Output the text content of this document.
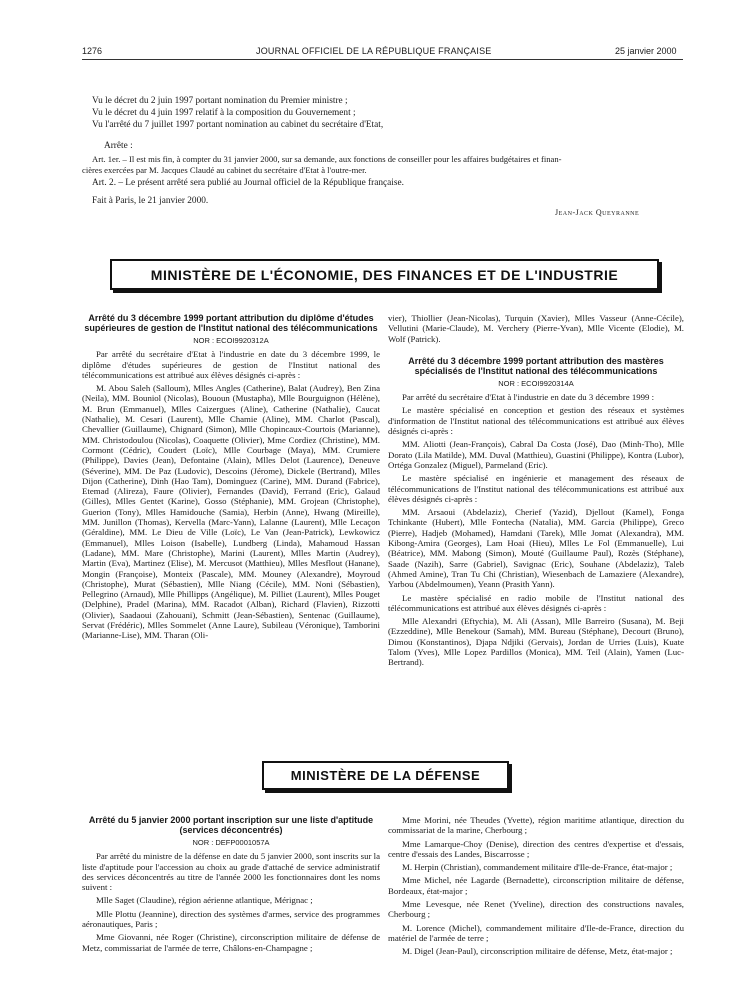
1276	JOURNAL OFFICIEL DE LA RÉPUBLIQUE FRANÇAISE	25 janvier 2000
Vu le décret du 2 juin 1997 portant nomination du Premier ministre ;
Vu le décret du 4 juin 1997 relatif à la composition du Gouvernement ;
Vu l'arrêté du 7 juillet 1997 portant nomination au cabinet du secrétaire d'Etat,
Arrête :
Art. 1er. – Il est mis fin, à compter du 31 janvier 2000, sur sa demande, aux fonctions de conseiller pour les affaires budgétaires et finan-
cières exercées par M. Jacques Claudé au cabinet du secrétaire d'Etat à l'outre-mer.
Art. 2. – Le présent arrêté sera publié au Journal officiel de la République française.
Fait à Paris, le 21 janvier 2000.
Jean-Jack Queyranne
MINISTÈRE DE L'ÉCONOMIE, DES FINANCES ET DE L'INDUSTRIE

Arrêté du 3 décembre 1999 portant attribution du diplôme d'études supérieures de gestion de l'Institut national des télécommunications

NOR : ECOI9920312A

Par arrêté du secrétaire d'Etat à l'industrie en date du 3 décembre 1999, le diplôme d'études supérieures de gestion de l'Institut national des télécommunications est attribué aux élèves désignés ci-après :

M. Abou Saleh (Salloum), Mlles Angles (Catherine), Balat (Audrey), Ben Zina (Neila), MM. Bouniol (Nicolas), Bououn (Mustapha), Mlle Bourguignon (Hélène), M. Brun (Emmanuel), Mlles Caizergues (Aline), Catherine (Nathalie), Caucat (Nathalie), M. Cesari (Laurent), Mlle Chamie (Aline), MM. Charlot (Pascal), Chevallier (Guillaume), Chignard (Simon), Mlle Chopincaux-Courtois (Marianne), MM. Christodoulou (Nicolas), Coaquette (Olivier), Mme Cordiez (Christine), MM. Cormont (Cédric), Coudert (Loïc), Mlle Courbage (Maya), MM. Crumiere (Philippe), Davies (Jean), Defontaine (Alain), Mlles Delot (Laurence), Deneuve (Séverine), MM. De Paz (Ludovic), Descoins (Jérome), Dickele (Bertrand), Mlles Dijon (Catherine), Dinh (Hao Tam), Dominguez (Carine), MM. Durand (Fabrice), Etemad (Alireza), Faure (Olivier), Fernandes (David), Ferrand (Eric), Galaud (Gilles), Mlles Gentet (Karine), Gosso (Stéphanie), MM. Grojean (Christophe), Guerion (Tony), Mlles Hamidouche (Samia), Herbin (Anne), Hwang (Mireille), MM. Junillon (Thomas), Kervella (Marc-Yann), Lalanne (Laurent), Mlle Lecaçon (Géraldine), MM. Le Dieu de Ville (Loïc), Le Van (Jean-Patrick), Lewkowicz (Emmanuel), Mlles Loison (Isabelle), Lundberg (Linda), Mahamoud Hassan (Ladane), MM. Mare (Christophe), Marini (Laurent), Mlles Martin (Audrey), Martin (Eva), Martinez (Elise), M. Mercusot (Matthieu), Mlles Mesflout (Hanane), Mongin (Françoise), Monteix (Pascale), MM. Mouney (Alexandre), Moyroud (Christophe), Murat (Sébastien), Mlle Niang (Cécile), MM. Noni (Sébastien), Pellegrino (Arnaud), Mlle Phillipps (Angélique), M. Pilliet (Laurent), Mlles Pouget (Delphine), Pradel (Marina), MM. Racadot (Alban), Richard (Flavien), Rizzotti (Olivier), Saadaoui (Zahouani), Schmitt (Jean-Sébastien), Sentenac (Guillaume), Servat (Frédéric), Mlles Sommelet (Anne Laure), Subileau (Véronique), Tamborini (Marianne-Lise), MM. Tharan (Oli-

vier), Thiollier (Jean-Nicolas), Turquin (Xavier), Mlles Vasseur (Anne-Cécile), Vellutini (Marie-Claude), M. Verchery (Pierre-Yvan), Mlle Vicente (Elodie), M. Wolf (Patrick).

Arrêté du 3 décembre 1999 portant attribution des mastères spécialisés de l'Institut national des télécommunications

NOR : ECOI9920314A

Par arrêté du secrétaire d'Etat à l'industrie en date du 3 décembre 1999 :

Le mastère spécialisé en conception et gestion des réseaux et systèmes d'information de l'Institut national des télécommunications est attribué aux élèves désignés ci-après :

MM. Aliotti (Jean-François), Cabral Da Costa (José), Dao (Minh-Tho), Mlle Dorato (Lila Matilde), MM. Duval (Matthieu), Guastini (Philippe), Kontra (Lubor), Ortéga Gonzalez (Miguel), Parmeland (Eric).

Le mastère spécialisé en ingénierie et management des réseaux de télécommunications de l'Institut national des télécommunications est attribué aux élèves désignés ci-après :

MM. Arsaoui (Abdelaziz), Cherief (Yazid), Djellout (Kamel), Fonga Tchinkante (Hubert), Mlle Fontecha (Natalia), MM. Garcia (Philippe), Greco (Pierre), Hadjeb (Mohamed), Hamdani (Tarek), Mlle Jomat (Alexandra), MM. Kibong-Amira (Georges), Lam Hoai (Hieu), Mlles Le Fol (Emmanuelle), Lui (Béatrice), MM. Mabong (Simon), Mouté (Guillaume Paul), Rozès (Stéphane), Saade (Nazih), Sarre (Gabriel), Savignac (Eric), Souhane (Abdelaziz), Taleb (Ahmed Amine), Tran Tu Chi (Christian), Wiesenbach de Lamaziere (Alexandre), Yarbou (Abdelmoumen), Yeann (Prasith Yann).

Le mastère spécialisé en radio mobile de l'Institut national des télécommunications est attribué aux élèves désignés ci-après :

Mlle Alexandri (Eftychia), M. Ali (Assan), Mlle Barreiro (Susana), M. Beji (Ezzeddine), Mlle Benekour (Samah), MM. Bureau (Stéphane), Decourt (Bruno), Dimou (Konstantinos), Djapa Ndjiki (Gervais), Jordan de Urries (Luis), Kuate Talom (Yves), Mlle Lopez Pardillos (Monica), MM. Teil (Alain), Yamen (Luc-Bertrand).

MINISTÈRE DE LA DÉFENSE

Arrêté du 5 janvier 2000 portant inscription sur une liste d'aptitude (services déconcentrés)

NOR : DEFP0001057A

Par arrêté du ministre de la défense en date du 5 janvier 2000, sont inscrits sur la liste d'aptitude pour l'accession au choix au grade d'attaché de service administratif des services déconcentrés au titre de l'année 2000 les fonctionnaires dont les noms suivent :

Mlle Saget (Claudine), région aérienne atlantique, Mérignac ;

Mlle Plottu (Jeannine), direction des systèmes d'armes, service des programmes aéronautiques, Paris ;

Mme Giovanni, née Roger (Christine), circonscription militaire de défense de Metz, commissariat de l'armée de terre, Châlons-en-Champagne ;

Mme Morini, née Theudes (Yvette), région maritime atlantique, direction du commissariat de la marine, Cherbourg ;

Mme Lamarque-Choy (Denise), direction des centres d'expertise et d'essais, centre d'essais des Landes, Biscarrosse ;

M. Herpin (Christian), commandement militaire d'Ile-de-France, état-major ;

Mme Michel, née Lagarde (Bernadette), circonscription militaire de défense, Bordeaux, état-major ;

Mme Levesque, née Renet (Yveline), direction des constructions navales, Cherbourg ;

M. Lorence (Michel), commandement militaire d'Ile-de-France, direction du matériel de l'armée de terre ;

M. Digel (Jean-Paul), circonscription militaire de défense, Metz, état-major ;
